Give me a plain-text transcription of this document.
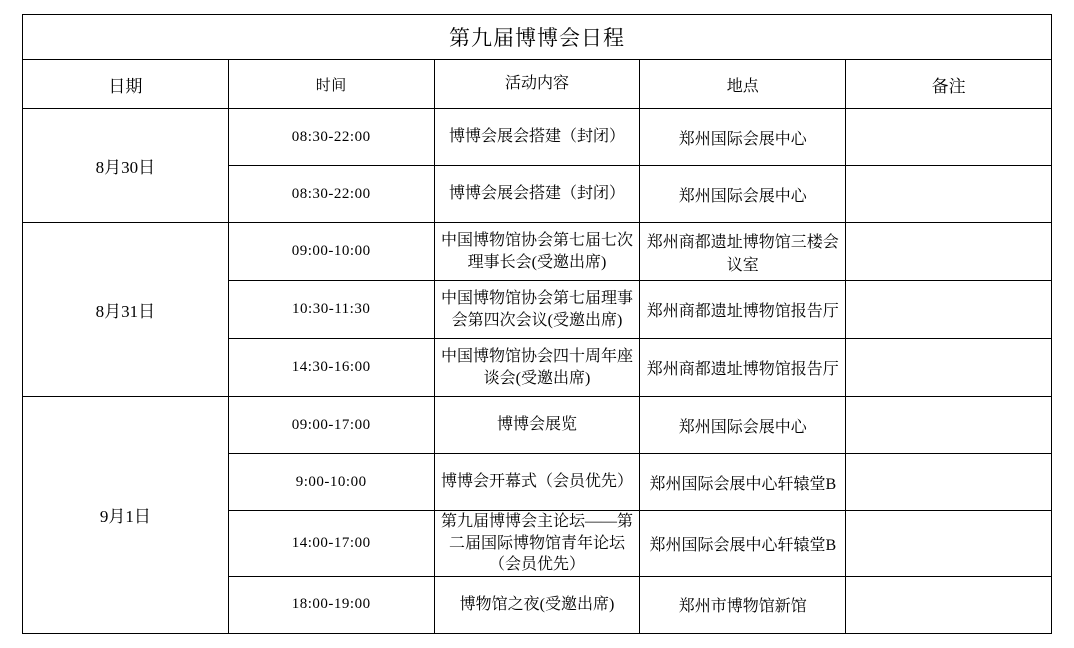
第九届博博会日程				
日期	时间	活动内容	地点	备注
8月30日	08:30-22:00	博博会展会搭建（封闭）	郑州国际会展中心	
	08:30-22:00	博博会展会搭建（封闭）	郑州国际会展中心	
8月31日	09:00-10:00	中国博物馆协会第七届七次理事长会(受邀出席)	郑州商都遗址博物馆三楼会议室	
	10:30-11:30	中国博物馆协会第七届理事会第四次会议(受邀出席)	郑州商都遗址博物馆报告厅	
	14:30-16:00	中国博物馆协会四十周年座谈会(受邀出席)	郑州商都遗址博物馆报告厅	
9月1日	09:00-17:00	博博会展览	郑州国际会展中心	
	9:00-10:00	博博会开幕式（会员优先）	郑州国际会展中心轩辕堂B	
	14:00-17:00	第九届博博会主论坛——第二届国际博物馆青年论坛（会员优先）	郑州国际会展中心轩辕堂B	
	18:00-19:00	博物馆之夜(受邀出席)	郑州市博物馆新馆	
